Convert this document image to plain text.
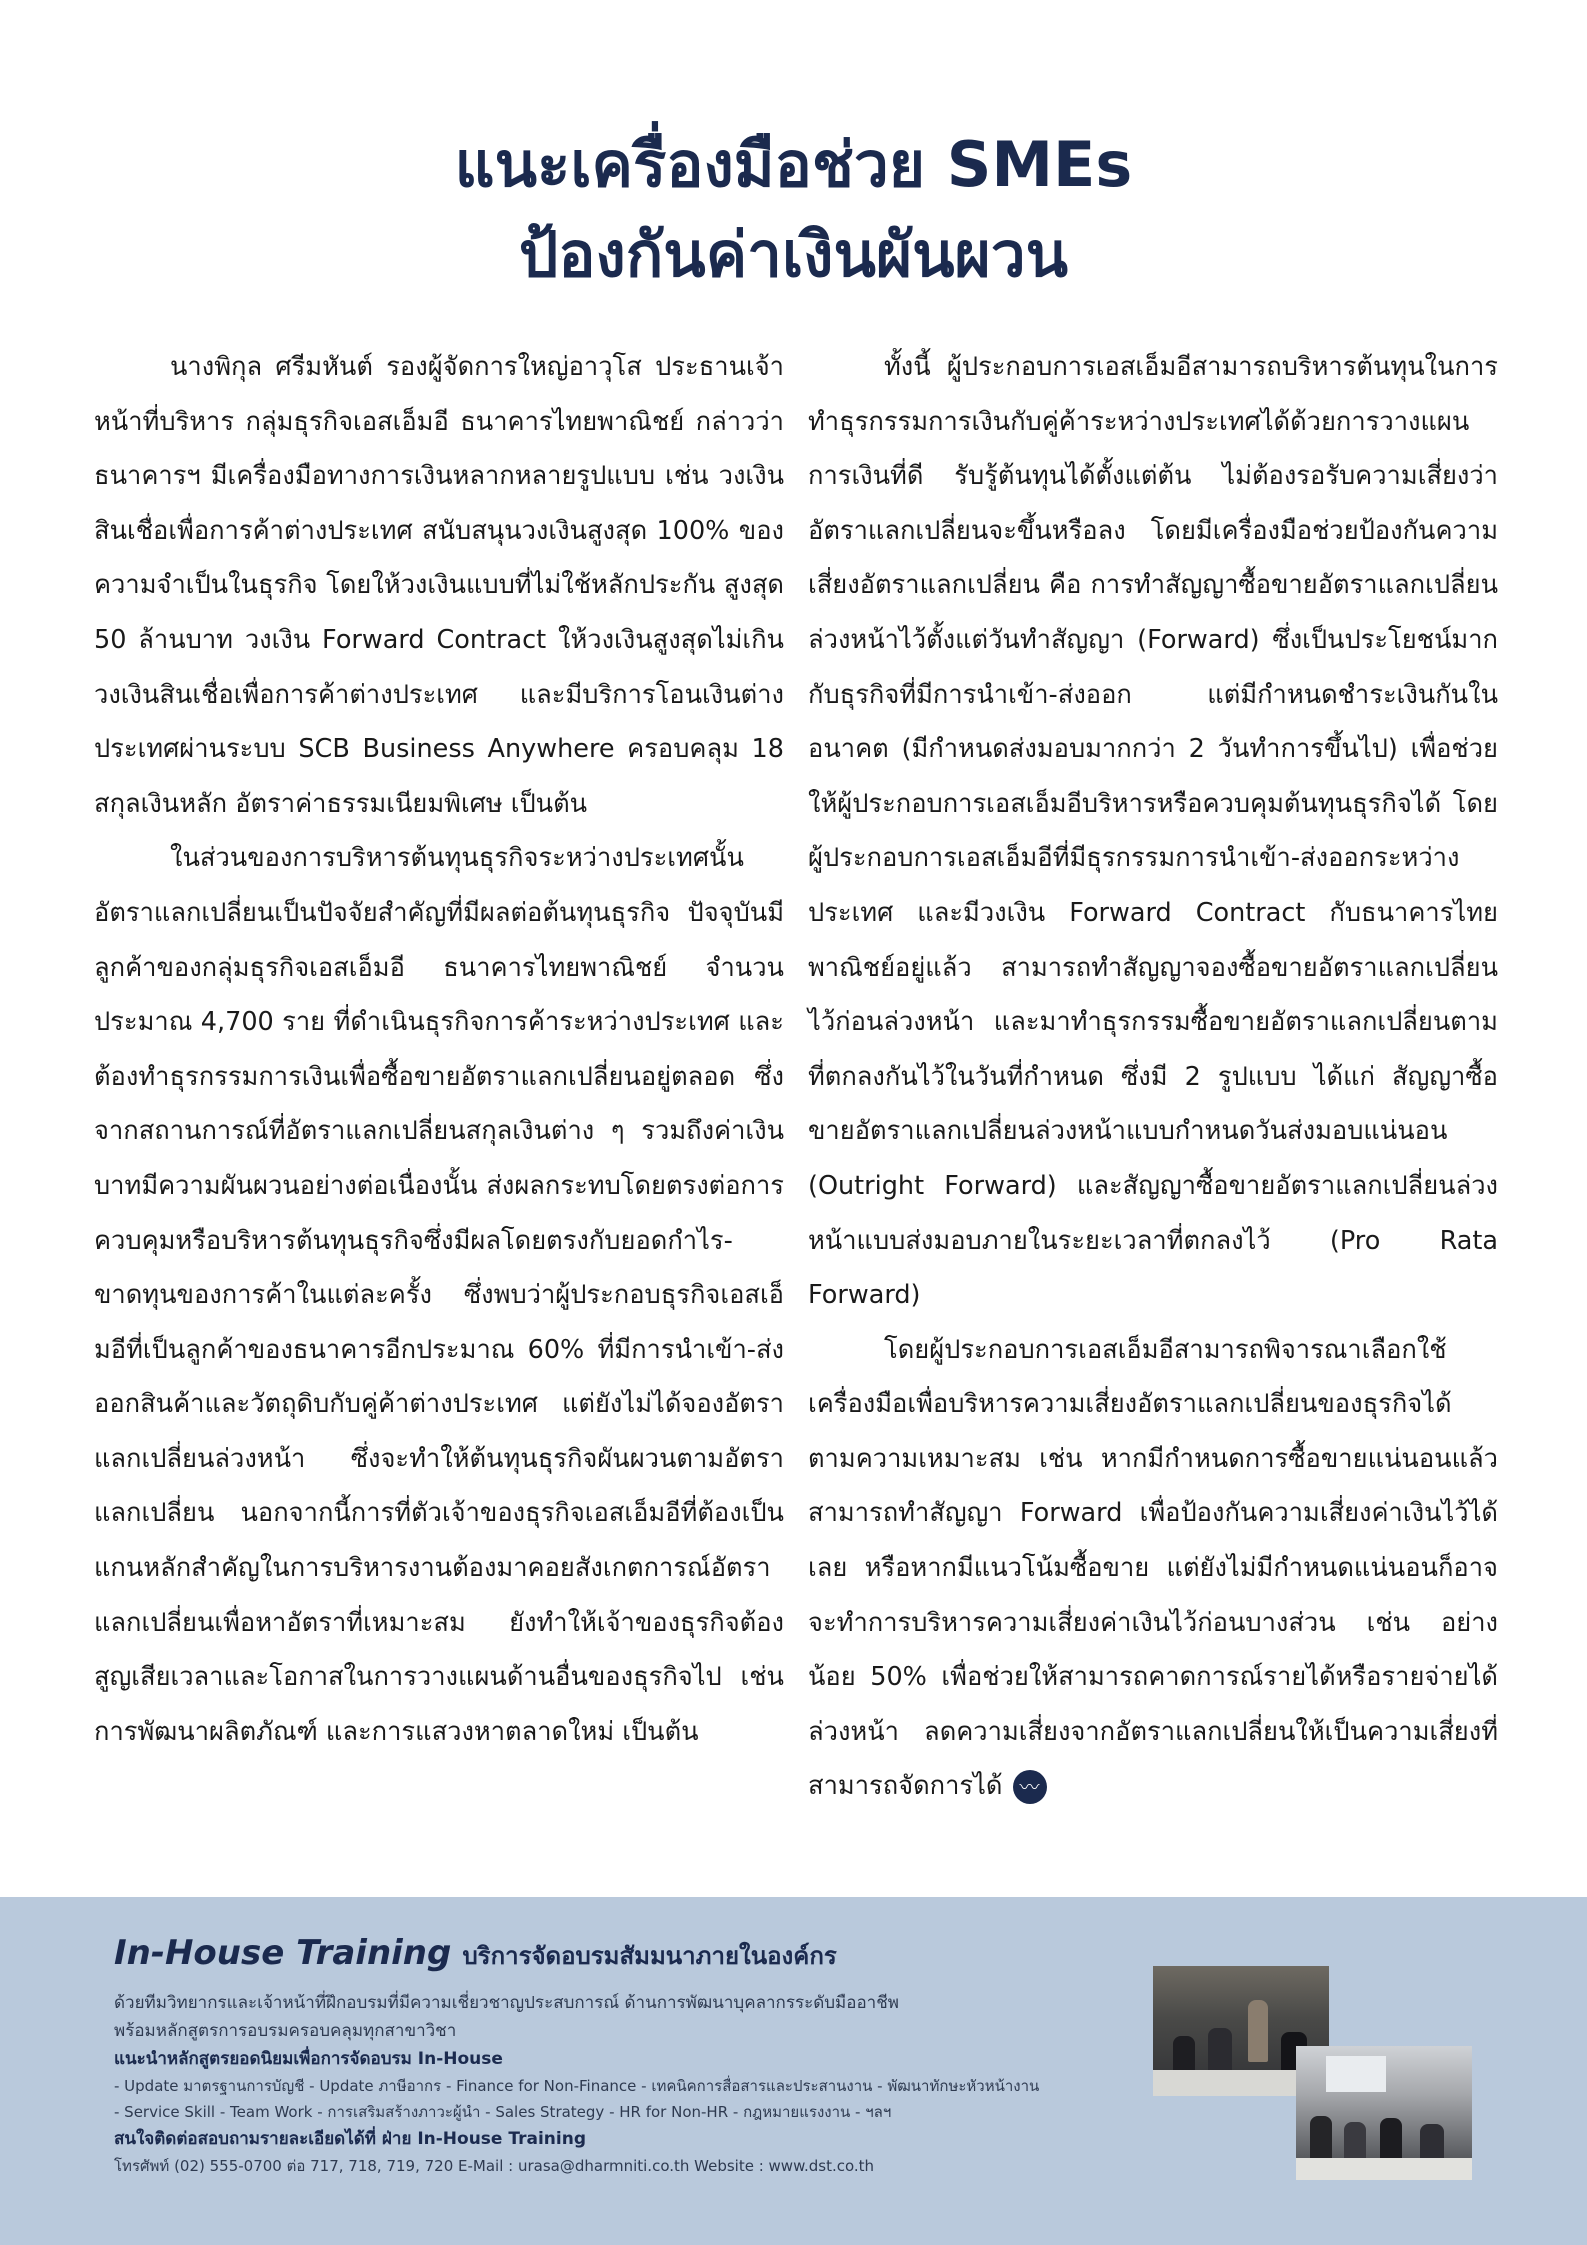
แนะเครื่องมือช่วย SMEs
ป้องกันค่าเงินผันผวน

นางพิกุล ศรีมหันต์ รองผู้จัดการใหญ่อาวุโส ประธานเจ้าหน้าที่บริหาร กลุ่มธุรกิจเอสเอ็มอี ธนาคารไทยพาณิชย์ กล่าวว่า ธนาคารฯ มีเครื่องมือทางการเงินหลากหลายรูปแบบ เช่น วงเงินสินเชื่อเพื่อการค้าต่างประเทศ สนับสนุนวงเงินสูงสุด 100% ของความจำเป็นในธุรกิจ โดยให้วงเงินแบบที่ไม่ใช้หลักประกัน สูงสุด 50 ล้านบาท วงเงิน Forward Contract ให้วงเงินสูงสุดไม่เกินวงเงินสินเชื่อเพื่อการค้าต่างประเทศ และมีบริการโอนเงินต่างประเทศผ่านระบบ SCB Business Anywhere ครอบคลุม 18 สกุลเงินหลัก อัตราค่าธรรมเนียมพิเศษ เป็นต้น

ในส่วนของการบริหารต้นทุนธุรกิจระหว่างประเทศนั้น อัตราแลกเปลี่ยนเป็นปัจจัยสำคัญที่มีผลต่อต้นทุนธุรกิจ ปัจจุบันมีลูกค้าของกลุ่มธุรกิจเอสเอ็มอี ธนาคารไทยพาณิชย์ จำนวนประมาณ 4,700 ราย ที่ดำเนินธุรกิจการค้าระหว่างประเทศ และต้องทำธุรกรรมการเงินเพื่อซื้อขายอัตราแลกเปลี่ยนอยู่ตลอด ซึ่งจากสถานการณ์ที่อัตราแลกเปลี่ยนสกุลเงินต่าง ๆ รวมถึงค่าเงินบาทมีความผันผวนอย่างต่อเนื่องนั้น ส่งผลกระทบโดยตรงต่อการควบคุมหรือบริหารต้นทุนธุรกิจซึ่งมีผลโดยตรงกับยอดกำไร-ขาดทุนของการค้าในแต่ละครั้ง ซึ่งพบว่าผู้ประกอบธุรกิจเอสเอ็มอีที่เป็นลูกค้าของธนาคารอีกประมาณ 60% ที่มีการนำเข้า-ส่งออกสินค้าและวัตถุดิบกับคู่ค้าต่างประเทศ แต่ยังไม่ได้จองอัตราแลกเปลี่ยนล่วงหน้า ซึ่งจะทำให้ต้นทุนธุรกิจผันผวนตามอัตราแลกเปลี่ยน นอกจากนี้การที่ตัวเจ้าของธุรกิจเอสเอ็มอีที่ต้องเป็นแกนหลักสำคัญในการบริหารงานต้องมาคอยสังเกตการณ์อัตราแลกเปลี่ยนเพื่อหาอัตราที่เหมาะสม ยังทำให้เจ้าของธุรกิจต้องสูญเสียเวลาและโอกาสในการวางแผนด้านอื่นของธุรกิจไป เช่น การพัฒนาผลิตภัณฑ์ และการแสวงหาตลาดใหม่ เป็นต้น

ทั้งนี้ ผู้ประกอบการเอสเอ็มอีสามารถบริหารต้นทุนในการทำธุรกรรมการเงินกับคู่ค้าระหว่างประเทศได้ด้วยการวางแผนการเงินที่ดี รับรู้ต้นทุนได้ตั้งแต่ต้น ไม่ต้องรอรับความเสี่ยงว่าอัตราแลกเปลี่ยนจะขึ้นหรือลง โดยมีเครื่องมือช่วยป้องกันความเสี่ยงอัตราแลกเปลี่ยน คือ การทำสัญญาซื้อขายอัตราแลกเปลี่ยนล่วงหน้าไว้ตั้งแต่วันทำสัญญา (Forward) ซึ่งเป็นประโยชน์มากกับธุรกิจที่มีการนำเข้า-ส่งออก แต่มีกำหนดชำระเงินกันในอนาคต (มีกำหนดส่งมอบมากกว่า 2 วันทำการขึ้นไป) เพื่อช่วยให้ผู้ประกอบการเอสเอ็มอีบริหารหรือควบคุมต้นทุนธุรกิจได้ โดยผู้ประกอบการเอสเอ็มอีที่มีธุรกรรมการนำเข้า-ส่งออกระหว่างประเทศ และมีวงเงิน Forward Contract กับธนาคารไทยพาณิชย์อยู่แล้ว สามารถทำสัญญาจองซื้อขายอัตราแลกเปลี่ยนไว้ก่อนล่วงหน้า และมาทำธุรกรรมซื้อขายอัตราแลกเปลี่ยนตามที่ตกลงกันไว้ในวันที่กำหนด ซึ่งมี 2 รูปแบบ ได้แก่ สัญญาซื้อขายอัตราแลกเปลี่ยนล่วงหน้าแบบกำหนดวันส่งมอบแน่นอน (Outright Forward) และสัญญาซื้อขายอัตราแลกเปลี่ยนล่วงหน้าแบบส่งมอบภายในระยะเวลาที่ตกลงไว้ (Pro Rata Forward)

โดยผู้ประกอบการเอสเอ็มอีสามารถพิจารณาเลือกใช้เครื่องมือเพื่อบริหารความเสี่ยงอัตราแลกเปลี่ยนของธุรกิจได้ตามความเหมาะสม เช่น หากมีกำหนดการซื้อขายแน่นอนแล้วสามารถทำสัญญา Forward เพื่อป้องกันความเสี่ยงค่าเงินไว้ได้เลย หรือหากมีแนวโน้มซื้อขาย แต่ยังไม่มีกำหนดแน่นอนก็อาจจะทำการบริหารความเสี่ยงค่าเงินไว้ก่อนบางส่วน เช่น อย่างน้อย 50% เพื่อช่วยให้สามารถคาดการณ์รายได้หรือรายจ่ายได้ล่วงหน้า ลดความเสี่ยงจากอัตราแลกเปลี่ยนให้เป็นความเสี่ยงที่สามารถจัดการได้ 〰

In-House Training บริการจัดอบรมสัมมนาภายในองค์กร
ด้วยทีมวิทยากรและเจ้าหน้าที่ฝึกอบรมที่มีความเชี่ยวชาญประสบการณ์ ด้านการพัฒนาบุคลากรระดับมืออาชีพ
พร้อมหลักสูตรการอบรมครอบคลุมทุกสาขาวิชา
แนะนำหลักสูตรยอดนิยมเพื่อการจัดอบรม In-House
- Update มาตรฐานการบัญชี - Update ภาษีอากร - Finance for Non-Finance - เทคนิคการสื่อสารและประสานงาน - พัฒนาทักษะหัวหน้างาน
- Service Skill - Team Work - การเสริมสร้างภาวะผู้นำ - Sales Strategy - HR for Non-HR - กฎหมายแรงงาน - ฯลฯ
สนใจติดต่อสอบถามรายละเอียดได้ที่ ฝ่าย In-House Training
โทรศัพท์ (02) 555-0700 ต่อ 717, 718, 719, 720 E-Mail : urasa@dharmniti.co.th Website : www.dst.co.th
